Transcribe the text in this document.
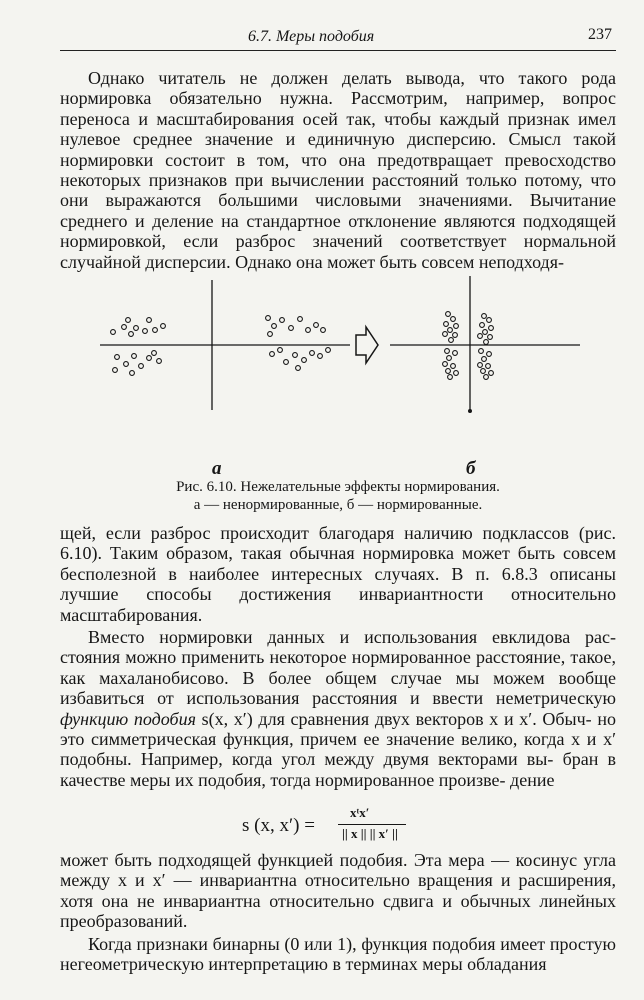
6.7. Меры подобия	237

Однако читатель не должен делать вывода, что такого рода нормировка обязательно нужна. Рассмотрим, например, вопрос переноса и масштабирования осей так, чтобы каждый признак имел нулевое среднее значение и единичную дисперсию. Смысл такой нормировки состоит в том, что она предотвращает превосходство некоторых признаков при вычислении расстояний только потому, что они выражаются большими числовыми значениями. Вычитание среднего и деление на стандартное отклонение являются подходящей нормировкой, если разброс значений соответствует нормальной случайной дисперсии. Однако она может быть совсем неподходя-

а	б
Рис. 6.10. Нежелательные эффекты нормирования.
а — ненормированные, б — нормированные.

щей, если разброс происходит благодаря наличию подклассов (рис. 6.10). Таким образом, такая обычная нормировка может быть совсем бесполезной в наиболее интересных случаях. В п. 6.8.3 описаны лучшие способы достижения инвариантности относительно масштабирования.

Вместо нормировки данных и использования евклидова рас- стояния можно применить некоторое нормированное расстояние, такое, как махаланобисово. В более общем случае мы можем вообще избавиться от использования расстояния и ввести неметрическую функцию подобия s(x, x′) для сравнения двух векторов x и x′. Обыч- но это симметрическая функция, причем ее значение велико, когда x и x′ подобны. Например, когда угол между двумя векторами вы- бран в качестве меры их подобия, тогда нормированное произве- дение

s (x, x′) =
xᵗx′
|| x || || x′ ||

может быть подходящей функцией подобия. Эта мера — косинус угла между x и x′ — инвариантна относительно вращения и расширения, хотя она не инвариантна относительно сдвига и обычных линейных преобразований.

Когда признаки бинарны (0 или 1), функция подобия имеет простую негеометрическую интерпретацию в терминах меры обладания
